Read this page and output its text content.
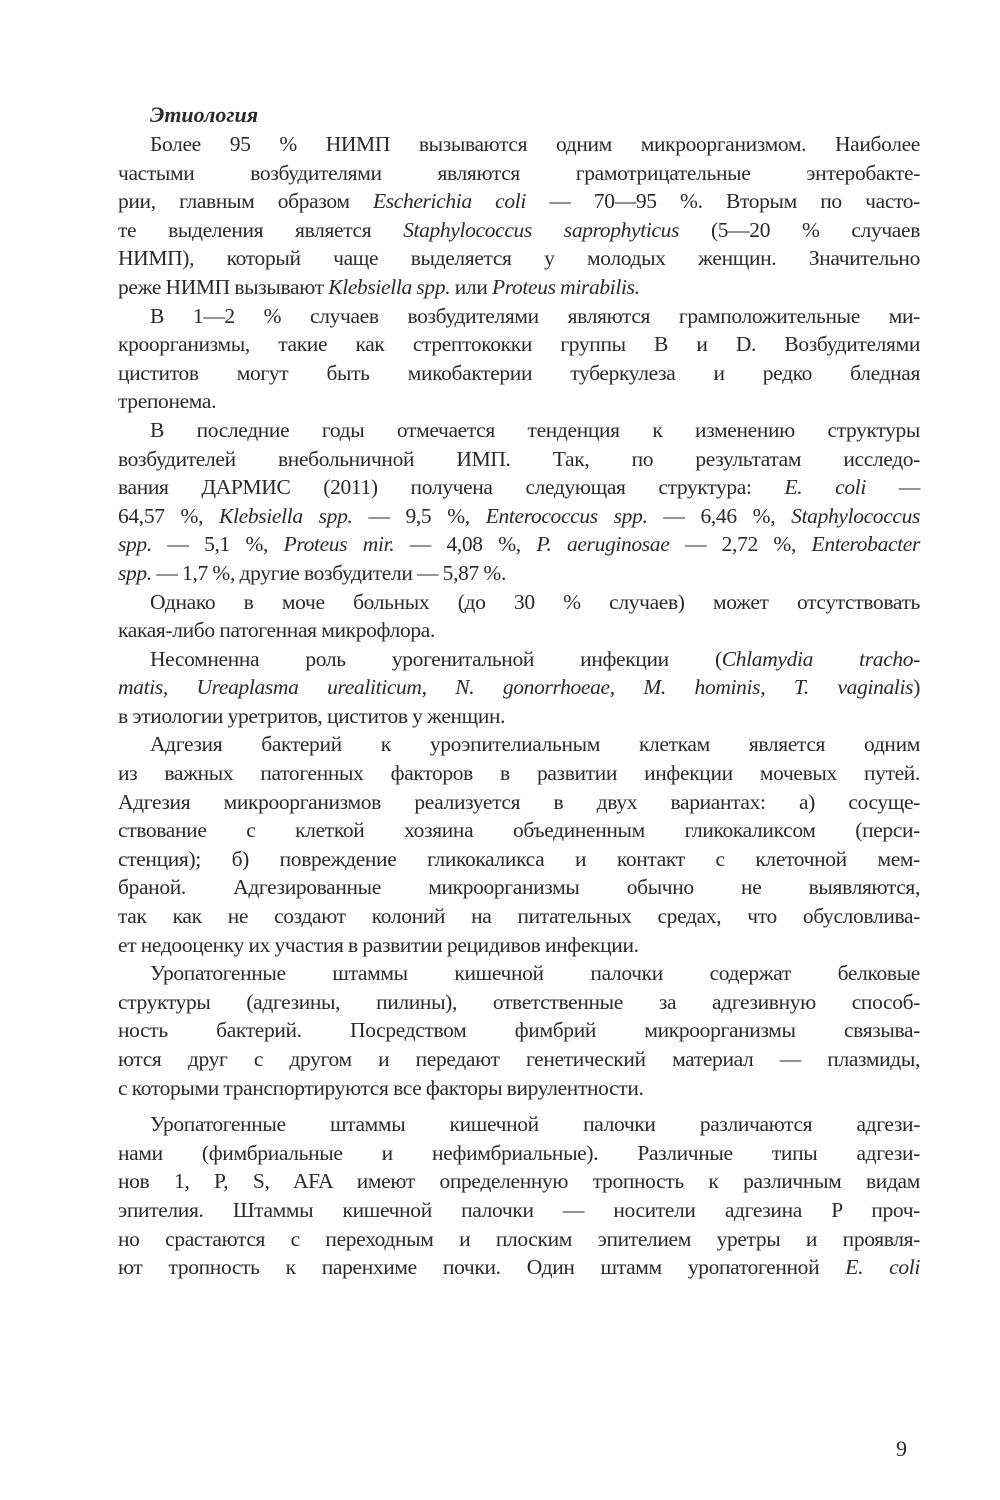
Этиология
Более 95 % НИМП вызываются одним микроорганизмом. Наиболее
частыми возбудителями являются грамотрицательные энтеробакте-
рии, главным образом Escherichia coli — 70—95 %. Вторым по часто-
те выделения является Staphylococcus saprophyticus (5—20 % случаев
НИМП), который чаще выделяется у молодых женщин. Значительно
реже НИМП вызывают Klebsiella spp. или Proteus mirabilis.
В 1—2 % случаев возбудителями являются грамположительные ми-
кроорганизмы, такие как стрептококки группы В и D. Возбудителями
циститов могут быть микобактерии туберкулеза и редко бледная
трепонема.
В последние годы отмечается тенденция к изменению структуры
возбудителей внебольничной ИМП. Так, по результатам исследо-
вания ДАРМИС (2011) получена следующая структура: E. coli —
64,57 %, Klebsiella spp. — 9,5 %, Enterococcus spp. — 6,46 %, Staphylococcus
spp. — 5,1 %, Proteus mir. — 4,08 %, P. aeruginosae — 2,72 %, Enterobacter
spp. — 1,7 %, другие возбудители — 5,87 %.
Однако в моче больных (до 30 % случаев) может отсутствовать
какая-либо патогенная микрофлора.
Несомненна роль урогенитальной инфекции (Chlamydia tracho-
matis, Ureaplasma urealiticum, N. gonorrhoeae, M. hominis, T. vaginalis)
в этиологии уретритов, циститов у женщин.
Адгезия бактерий к уроэпителиальным клеткам является одним
из важных патогенных факторов в развитии инфекции мочевых путей.
Адгезия микроорганизмов реализуется в двух вариантах: а) сосуще-
ствование с клеткой хозяина объединенным гликокаликсом (перси-
стенция); б) повреждение гликокаликса и контакт с клеточной мем-
браной. Адгезированные микроорганизмы обычно не выявляются,
так как не создают колоний на питательных средах, что обусловлива-
ет недооценку их участия в развитии рецидивов инфекции.
Уропатогенные штаммы кишечной палочки содержат белковые
структуры (адгезины, пилины), ответственные за адгезивную способ-
ность бактерий. Посредством фимбрий микроорганизмы связыва-
ются друг с другом и передают генетический материал — плазмиды,
с которыми транспортируются все факторы вирулентности.
Уропатогенные штаммы кишечной палочки различаются адгези-
нами (фимбриальные и нефимбриальные). Различные типы адгези-
нов 1, P, S, AFA имеют определенную тропность к различным видам
эпителия. Штаммы кишечной палочки — носители адгезина P проч-
но срастаются с переходным и плоским эпителием уретры и проявля-
ют тропность к паренхиме почки. Один штамм уропатогенной E. coli
9
